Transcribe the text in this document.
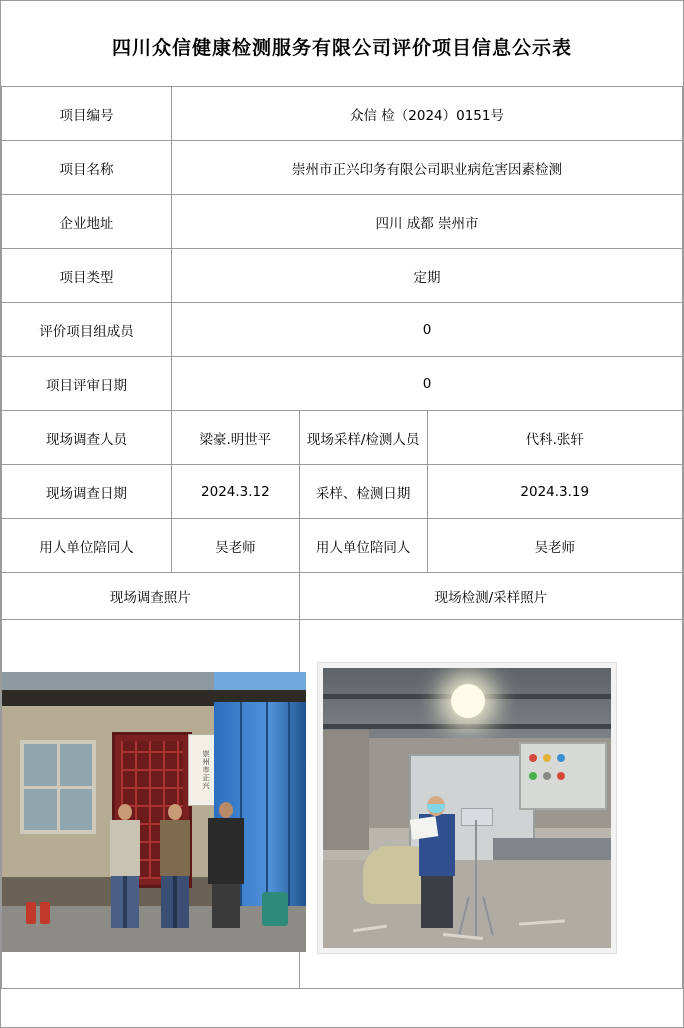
四川众信健康检测服务有限公司评价项目信息公示表
项目编号	众信 检（2024）0151号		
项目名称	崇州市正兴印务有限公司职业病危害因素检测		
企业地址	四川 成都 崇州市		
项目类型	定期		
评价项目组成员	0		
项目评审日期	0		
现场调查人员	梁豪.明世平	现场采样/检测人员	代科.张轩
现场调查日期	2024.3.12	采样、检测日期	2024.3.19
用人单位陪同人	吴老师	用人单位陪同人	吴老师
现场调查照片		现场检测/采样照片	

崇州市正兴			
